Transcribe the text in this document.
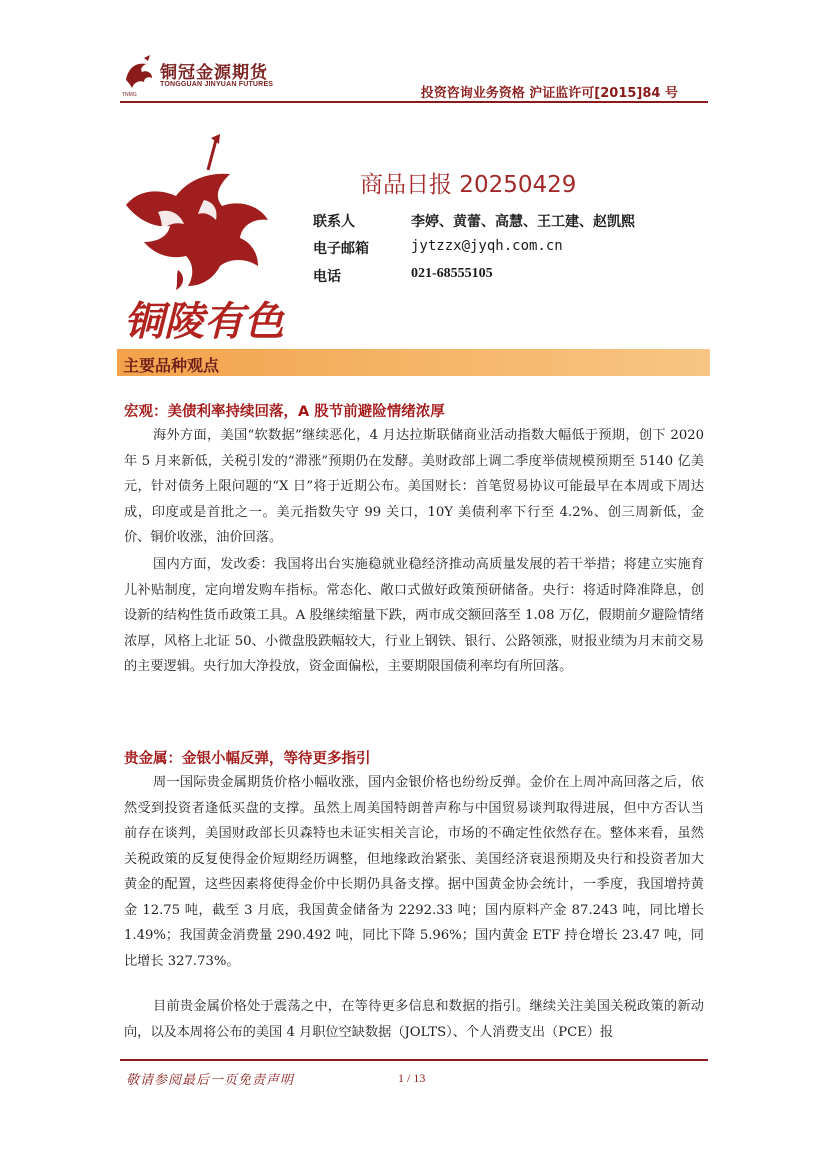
铜冠金源期货
TONGGUAN JINYUAN FUTURES
TNMG	投资咨询业务资格 沪证监许可[2015]84 号
铜陵有色
商品日报 20250429
联系人	李婷、黄蕾、高慧、王工建、赵凯熙
电子邮箱	jytzzx@jyqh.com.cn
电话	021-68555105
主要品种观点
宏观：美债利率持续回落，A 股节前避险情绪浓厚
海外方面，美国“软数据”继续恶化，4 月达拉斯联储商业活动指数大幅低于预期，创下 2020 年 5 月来新低，关税引发的“滞涨”预期仍在发酵。美财政部上调二季度举债规模预期至 5140 亿美元，针对债务上限问题的“X 日”将于近期公布。美国财长：首笔贸易协议可能最早在本周或下周达成，印度或是首批之一。美元指数失守 99 关口，10Y 美债利率下行至 4.2%、创三周新低，金价、铜价收涨，油价回落。
国内方面，发改委：我国将出台实施稳就业稳经济推动高质量发展的若干举措；将建立实施育儿补贴制度，定向增发购车指标。常态化、敞口式做好政策预研储备。央行：将适时降准降息，创设新的结构性货币政策工具。A 股继续缩量下跌，两市成交额回落至 1.08 万亿，假期前夕避险情绪浓厚，风格上北证 50、小微盘股跌幅较大，行业上钢铁、银行、公路领涨，财报业绩为月末前交易的主要逻辑。央行加大净投放，资金面偏松，主要期限国债利率均有所回落。
贵金属：金银小幅反弹，等待更多指引
周一国际贵金属期货价格小幅收涨，国内金银价格也纷纷反弹。金价在上周冲高回落之后，依然受到投资者逢低买盘的支撑。虽然上周美国特朗普声称与中国贸易谈判取得进展，但中方否认当前存在谈判，美国财政部长贝森特也未证实相关言论，市场的不确定性依然存在。整体来看，虽然关税政策的反复使得金价短期经历调整，但地缘政治紧张、美国经济衰退预期及央行和投资者加大黄金的配置，这些因素将使得金价中长期仍具备支撑。据中国黄金协会统计，一季度，我国增持黄金 12.75 吨，截至 3 月底，我国黄金储备为 2292.33 吨；国内原料产金 87.243 吨，同比增长 1.49%；我国黄金消费量 290.492 吨，同比下降 5.96%；国内黄金 ETF 持仓增长 23.47 吨，同比增长 327.73%。
目前贵金属价格处于震荡之中，在等待更多信息和数据的指引。继续关注美国关税政策的新动向，以及本周将公布的美国 4 月职位空缺数据（JOLTS）、个人消费支出（PCE）报
敬请参阅最后一页免责声明	1 / 13
